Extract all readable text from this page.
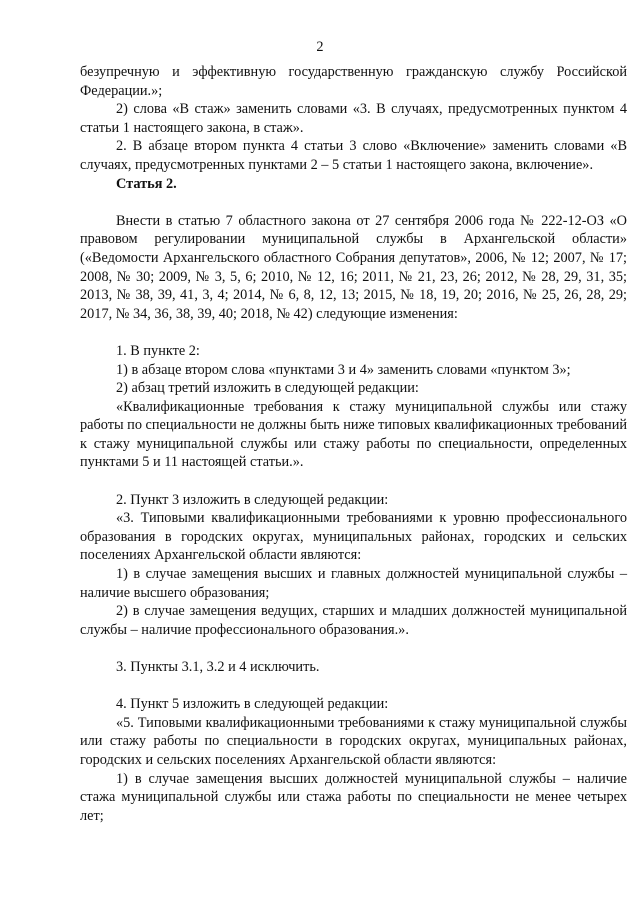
2

безупречную и эффективную государственную гражданскую службу Российской Федерации.»;

2) слова «В стаж» заменить словами «3. В случаях, предусмотренных пунктом 4 статьи 1 настоящего закона, в стаж».

2. В абзаце втором пункта 4 статьи 3 слово «Включение» заменить словами «В случаях, предусмотренных пунктами 2 – 5 статьи 1 настоящего закона, включение».

Статья 2.

Внести в статью 7 областного закона от 27 сентября 2006 года № 222-12-ОЗ «О правовом регулировании муниципальной службы в Архангельской области» («Ведомости Архангельского областного Собрания депутатов», 2006, № 12; 2007, № 17; 2008, № 30; 2009, № 3, 5, 6; 2010, № 12, 16; 2011, № 21, 23, 26; 2012, № 28, 29, 31, 35; 2013, № 38, 39, 41, 3, 4; 2014, № 6, 8, 12, 13; 2015, № 18, 19, 20; 2016, № 25, 26, 28, 29; 2017, № 34, 36, 38, 39, 40; 2018, № 42) следующие изменения:

1. В пункте 2:

1) в абзаце втором слова «пунктами 3 и 4» заменить словами «пунктом 3»;

2) абзац третий изложить в следующей редакции:

«Квалификационные требования к стажу муниципальной службы или стажу работы по специальности не должны быть ниже типовых квалификационных требований к стажу муниципальной службы или стажу работы по специальности, определенных пунктами 5 и 11 настоящей статьи.».

2. Пункт 3 изложить в следующей редакции:

«3. Типовыми квалификационными требованиями к уровню профессионального образования в городских округах, муниципальных районах, городских и сельских поселениях Архангельской области являются:

1) в случае замещения высших и главных должностей муниципальной службы – наличие высшего образования;

2) в случае замещения ведущих, старших и младших должностей муниципальной службы – наличие профессионального образования.».

3. Пункты 3.1, 3.2 и 4 исключить.

4. Пункт 5 изложить в следующей редакции:

«5. Типовыми квалификационными требованиями к стажу муниципальной службы или стажу работы по специальности в городских округах, муниципальных районах, городских и сельских поселениях Архангельской области являются:

1) в случае замещения высших должностей муниципальной службы – наличие стажа муниципальной службы или стажа работы по специальности не менее четырех лет;
